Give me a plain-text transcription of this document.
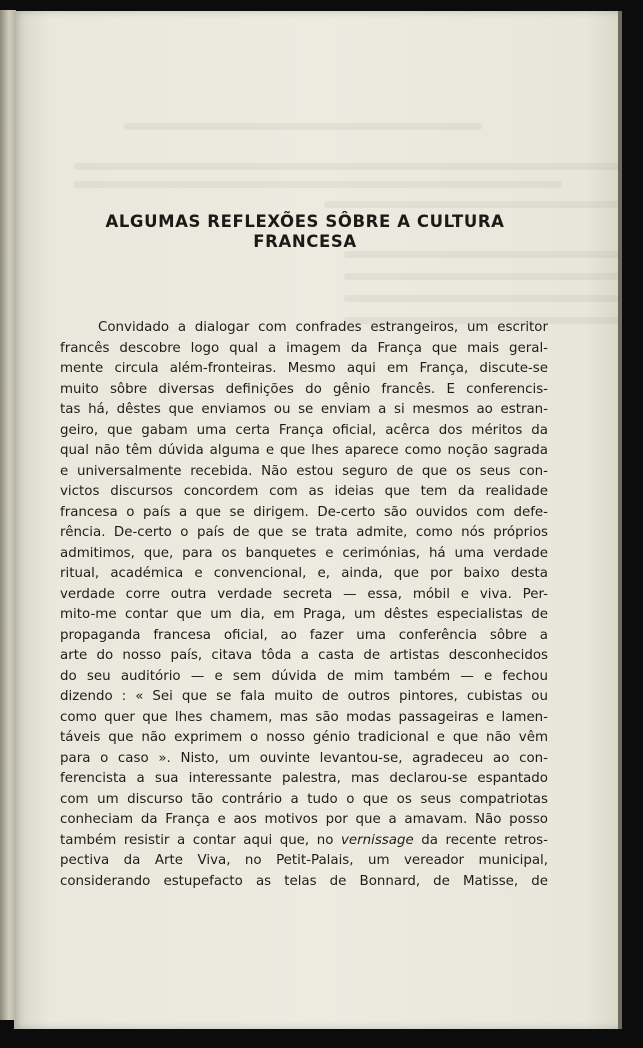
ALGUMAS REFLEXÕES SÔBRE A CULTURA
FRANCESA
Convidado a dialogar com confrades estrangeiros, um escritor
francês descobre logo qual a imagem da França que mais geral-
mente circula além-fronteiras. Mesmo aqui em França, discute-se
muito sôbre diversas definições do gênio francês. E conferencis-
tas há, dêstes que enviamos ou se enviam a si mesmos ao estran-
geiro, que gabam uma certa França oficial, acêrca dos méritos da
qual não têm dúvida alguma e que lhes aparece como noção sagrada
e universalmente recebida. Não estou seguro de que os seus con-
victos discursos concordem com as ideias que tem da realidade
francesa o país a que se dirigem. De-certo são ouvidos com defe-
rência. De-certo o país de que se trata admite, como nós próprios
admitimos, que, para os banquetes e cerimónias, há uma verdade
ritual, académica e convencional, e, ainda, que por baixo desta
verdade corre outra verdade secreta — essa, móbil e viva. Per-
mito-me contar que um dia, em Praga, um dêstes especialistas de
propaganda francesa oficial, ao fazer uma conferência sôbre a
arte do nosso país, citava tôda a casta de artistas desconhecidos
do seu auditório — e sem dúvida de mim também — e fechou
dizendo : « Sei que se fala muito de outros pintores, cubistas ou
como quer que lhes chamem, mas são modas passageiras e lamen-
táveis que não exprimem o nosso génio tradicional e que não vêm
para o caso ». Nisto, um ouvinte levantou-se, agradeceu ao con-
ferencista a sua interessante palestra, mas declarou-se espantado
com um discurso tão contrário a tudo o que os seus compatriotas
conheciam da França e aos motivos por que a amavam. Não posso
também resistir a contar aqui que, no vernissage da recente retros-
pectiva da Arte Viva, no Petit-Palais, um vereador municipal,
considerando estupefacto as telas de Bonnard, de Matisse, de
